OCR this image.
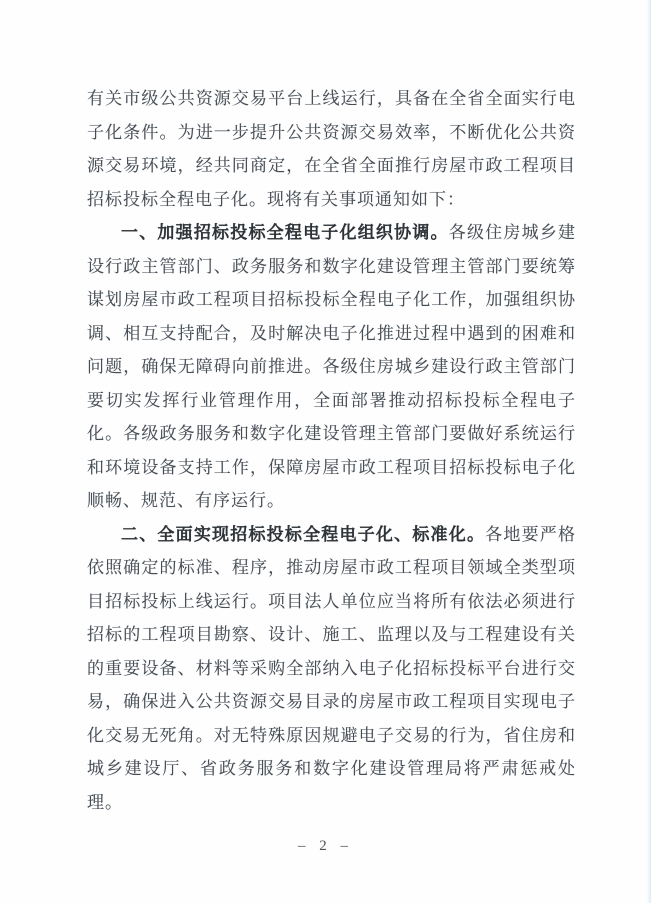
有关市级公共资源交易平台上线运行，具备在全省全面实行电子化条件。为进一步提升公共资源交易效率，不断优化公共资源交易环境，经共同商定，在全省全面推行房屋市政工程项目招标投标全程电子化。现将有关事项通知如下：

一、加强招标投标全程电子化组织协调。各级住房城乡建设行政主管部门、政务服务和数字化建设管理主管部门要统筹谋划房屋市政工程项目招标投标全程电子化工作，加强组织协调、相互支持配合，及时解决电子化推进过程中遇到的困难和问题，确保无障碍向前推进。各级住房城乡建设行政主管部门要切实发挥行业管理作用，全面部署推动招标投标全程电子化。各级政务服务和数字化建设管理主管部门要做好系统运行和环境设备支持工作，保障房屋市政工程项目招标投标电子化顺畅、规范、有序运行。

二、全面实现招标投标全程电子化、标准化。各地要严格依照确定的标准、程序，推动房屋市政工程项目领域全类型项目招标投标上线运行。项目法人单位应当将所有依法必须进行招标的工程项目勘察、设计、施工、监理以及与工程建设有关的重要设备、材料等采购全部纳入电子化招标投标平台进行交易，确保进入公共资源交易目录的房屋市政工程项目实现电子化交易无死角。对无特殊原因规避电子交易的行为，省住房和城乡建设厅、省政务服务和数字化建设管理局将严肃惩戒处理。

– 2 –
